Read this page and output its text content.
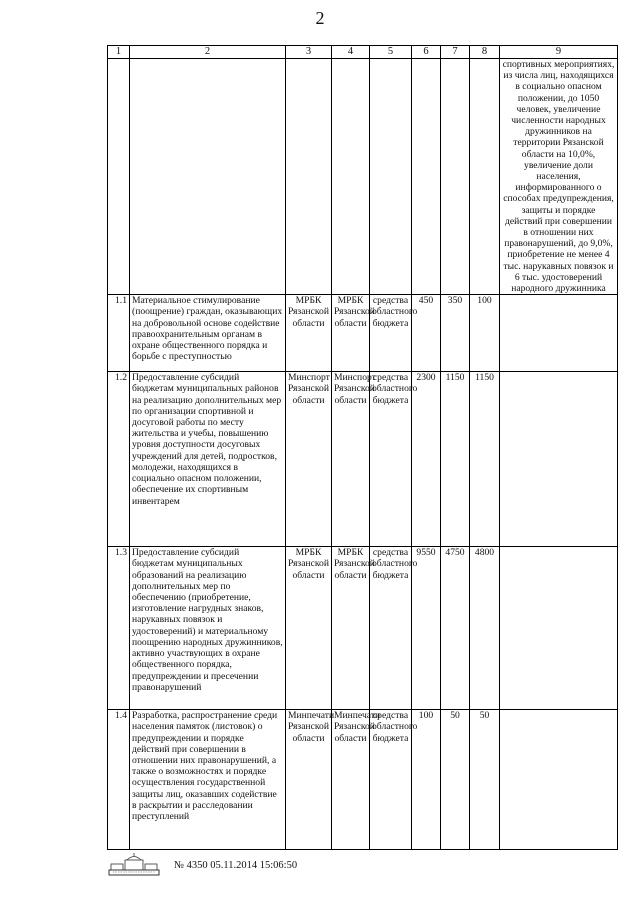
2
1	2	3	4	5	6	7	8	9
								спортивных мероприятиях, из числа лиц, находящихся в социально опасном положении, до 1050 человек, увеличение численности народных дружинников на территории Рязанской области на 10,0%, увеличение доли населения, информированного о способах предупреждения, защиты и порядке действий при совершении в отношении них правонарушений, до 9,0%, приобретение не менее 4 тыс. нарукавных повязок и 6 тыс. удостоверений народного дружинника
1.1	Материальное стимулирование (поощрение) граждан, оказывающих на добровольной основе содействие правоохранительным органам в охране общественного порядка и борьбе с преступностью	МРБК Рязанской области	МРБК Рязанской области	средства областного бюджета	450	350	100	
1.2	Предоставление субсидий бюджетам муниципальных районов на реализацию дополнительных мер по организации спортивной и досуговой работы по месту жительства и учебы, повышению уровня доступности досуговых учреждений для детей, подростков, молодежи, находящихся в социально опасном положении, обеспечение их спортивным инвентарем	Минспорт Рязанской области	Минспорт Рязанской области	средства областного бюджета	2300	1150	1150	
1.3	Предоставление субсидий бюджетам муниципальных образований на реализацию дополнительных мер по обеспечению (приобретение, изготовление нагрудных знаков, нарукавных повязок и удостоверений) и материальному поощрению народных дружинников, активно участвующих в охране общественного порядка, предупреждении и пресечении правонарушений	МРБК Рязанской области	МРБК Рязанской области	средства областного бюджета	9550	4750	4800	
1.4	Разработка, распространение среди населения памяток (листовок) о предупреждении и порядке действий при совершении в отношении них правонарушений, а также о возможностях и порядке осуществления государственной защиты лиц, оказавших содействие в раскрытии и расследовании преступлений	Минпечати Рязанской области	Минпечати Рязанской области	средства областного бюджета	100	50	50	
№ 4350 05.11.2014 15:06:50
